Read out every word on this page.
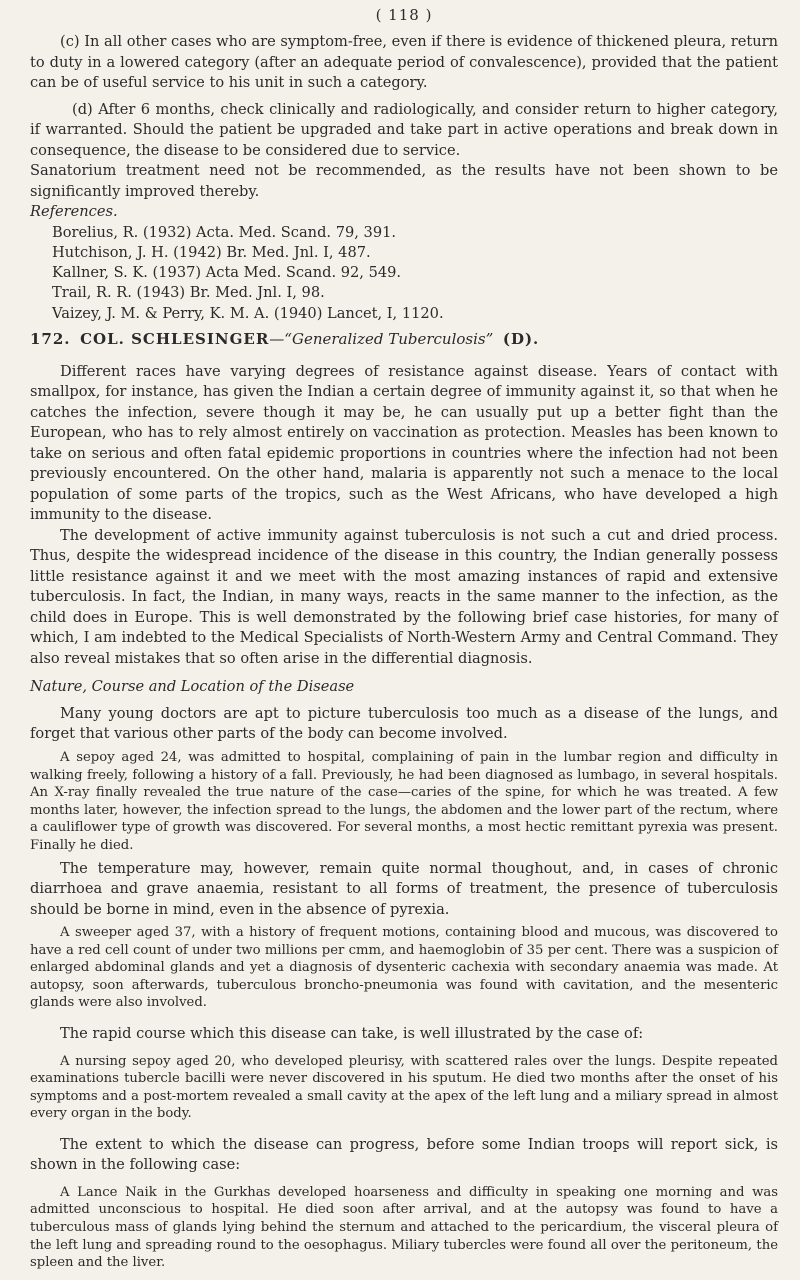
( 118 )

(c) In all other cases who are symptom-free, even if there is evidence of thickened pleura, return to duty in a lowered category (after an adequate period of convalescence), provided that the patient can be of useful service to his unit in such a category.

(d) After 6 months, check clinically and radiologically, and consider return to higher category, if warranted. Should the patient be upgraded and take part in active operations and break down in consequence, the disease to be considered due to service.

Sanatorium treatment need not be recommended, as the results have not been shown to be significantly improved thereby.

References.

Borelius, R. (1932) Acta. Med. Scand. 79, 391.
Hutchison, J. H. (1942) Br. Med. Jnl. I, 487.
Kallner, S. K. (1937) Acta Med. Scand. 92, 549.
Trail, R. R. (1943) Br. Med. Jnl. I, 98.
Vaizey, J. M. & Perry, K. M. A. (1940) Lancet, I, 1120.

172. COL. SCHLESINGER—“Generalized Tuberculosis” (D).

Different races have varying degrees of resistance against disease. Years of contact with smallpox, for instance, has given the Indian a certain degree of immunity against it, so that when he catches the infection, severe though it may be, he can usually put up a better fight than the European, who has to rely almost entirely on vaccination as protection. Measles has been known to take on serious and often fatal epidemic proportions in countries where the infection had not been previously encountered. On the other hand, malaria is apparently not such a menace to the local population of some parts of the tropics, such as the West Africans, who have developed a high immunity to the disease.

The development of active immunity against tuberculosis is not such a cut and dried process. Thus, despite the widespread incidence of the disease in this country, the Indian generally possess little resistance against it and we meet with the most amazing instances of rapid and extensive tuberculosis. In fact, the Indian, in many ways, reacts in the same manner to the infection, as the child does in Europe. This is well demonstrated by the following brief case histories, for many of which, I am indebted to the Medical Specialists of North-Western Army and Central Command. They also reveal mistakes that so often arise in the differential diagnosis.

Nature, Course and Location of the Disease

Many young doctors are apt to picture tuberculosis too much as a disease of the lungs, and forget that various other parts of the body can become involved.

A sepoy aged 24, was admitted to hospital, complaining of pain in the lumbar region and difficulty in walking freely, following a history of a fall. Previously, he had been diagnosed as lumbago, in several hospitals. An X-ray finally revealed the true nature of the case—caries of the spine, for which he was treated. A few months later, however, the infection spread to the lungs, the abdomen and the lower part of the rectum, where a cauliflower type of growth was discovered. For several months, a most hectic remittant pyrexia was present. Finally he died.

The temperature may, however, remain quite normal thoughout, and, in cases of chronic diarrhoea and grave anaemia, resistant to all forms of treatment, the presence of tuberculosis should be borne in mind, even in the absence of pyrexia.

A sweeper aged 37, with a history of frequent motions, containing blood and mucous, was discovered to have a red cell count of under two millions per cmm, and haemoglobin of 35 per cent. There was a suspicion of enlarged abdominal glands and yet a diagnosis of dysenteric cachexia with secondary anaemia was made. At autopsy, soon afterwards, tuberculous broncho-pneumonia was found with cavitation, and the mesenteric glands were also involved.

The rapid course which this disease can take, is well illustrated by the case of:

A nursing sepoy aged 20, who developed pleurisy, with scattered rales over the lungs. Despite repeated examinations tubercle bacilli were never discovered in his sputum. He died two months after the onset of his symptoms and a post-mortem revealed a small cavity at the apex of the left lung and a miliary spread in almost every organ in the body.

The extent to which the disease can progress, before some Indian troops will report sick, is shown in the following case:

A Lance Naik in the Gurkhas developed hoarseness and difficulty in speaking one morning and was admitted unconscious to hospital. He died soon after arrival, and at the autopsy was found to have a tuberculous mass of glands lying behind the sternum and attached to the pericardium, the visceral pleura of the left lung and spreading round to the oesophagus. Miliary tubercles were found all over the peritoneum, the spleen and the liver.
